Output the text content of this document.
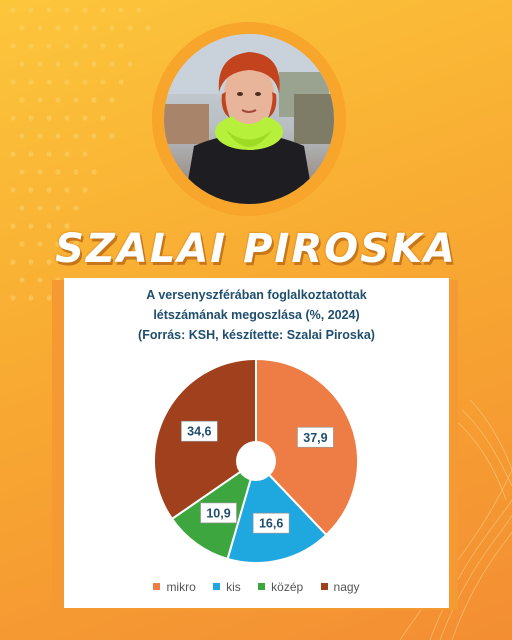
SZALAI PIROSKA
A versenyszférában foglalkoztatottak
létszámának megoszlása (%, 2024)
(Forrás: KSH, készítette: Szalai Piroska)
37,9
16,6
10,9
34,6
mikro	kis	közép	nagy
